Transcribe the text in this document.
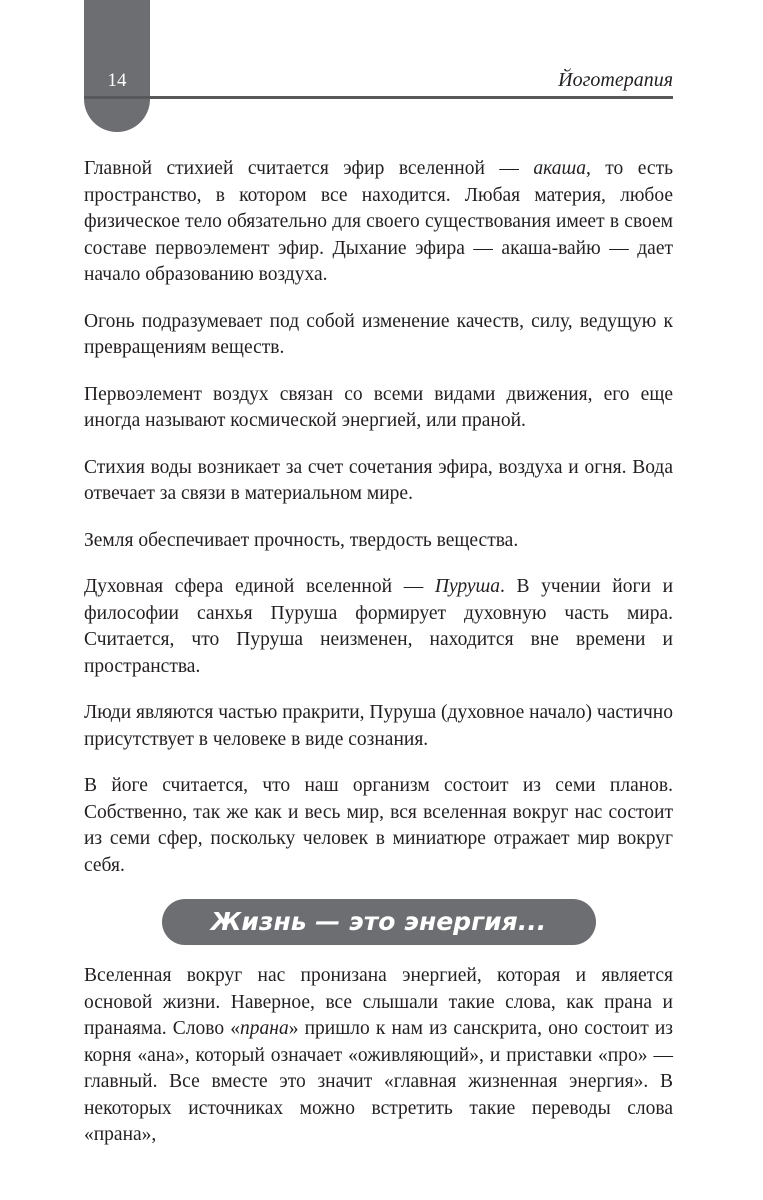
14	Йоготерапия

Главной стихией считается эфир вселенной — акаша, то есть пространство, в котором все находится. Любая материя, любое физическое тело обязательно для своего существования имеет в своем составе первоэлемент эфир. Дыхание эфира — акаша-вайю — дает начало образованию воздуха.

Огонь подразумевает под собой изменение качеств, силу, ведущую к превращениям веществ.

Первоэлемент воздух связан со всеми видами движения, его еще иногда называют космической энергией, или праной.

Стихия воды возникает за счет сочетания эфира, воздуха и огня. Вода отвечает за связи в материальном мире.

Земля обеспечивает прочность, твердость вещества.

Духовная сфера единой вселенной — Пуруша. В учении йоги и философии санхья Пуруша формирует духовную часть мира. Считается, что Пуруша неизменен, находится вне времени и пространства.

Люди являются частью пракрити, Пуруша (духовное начало) частично присутствует в человеке в виде сознания.

В йоге считается, что наш организм состоит из семи планов. Собственно, так же как и весь мир, вся вселенная вокруг нас состоит из семи сфер, поскольку человек в миниатюре отражает мир вокруг себя.

Жизнь — это энергия...

Вселенная вокруг нас пронизана энергией, которая и является основой жизни. Наверное, все слышали такие слова, как прана и пранаяма. Слово «прана» пришло к нам из санскрита, оно состоит из корня «ана», который означает «оживляющий», и приставки «про» — главный. Все вместе это значит «главная жизненная энергия». В некоторых источниках можно встретить такие переводы слова «прана»,
